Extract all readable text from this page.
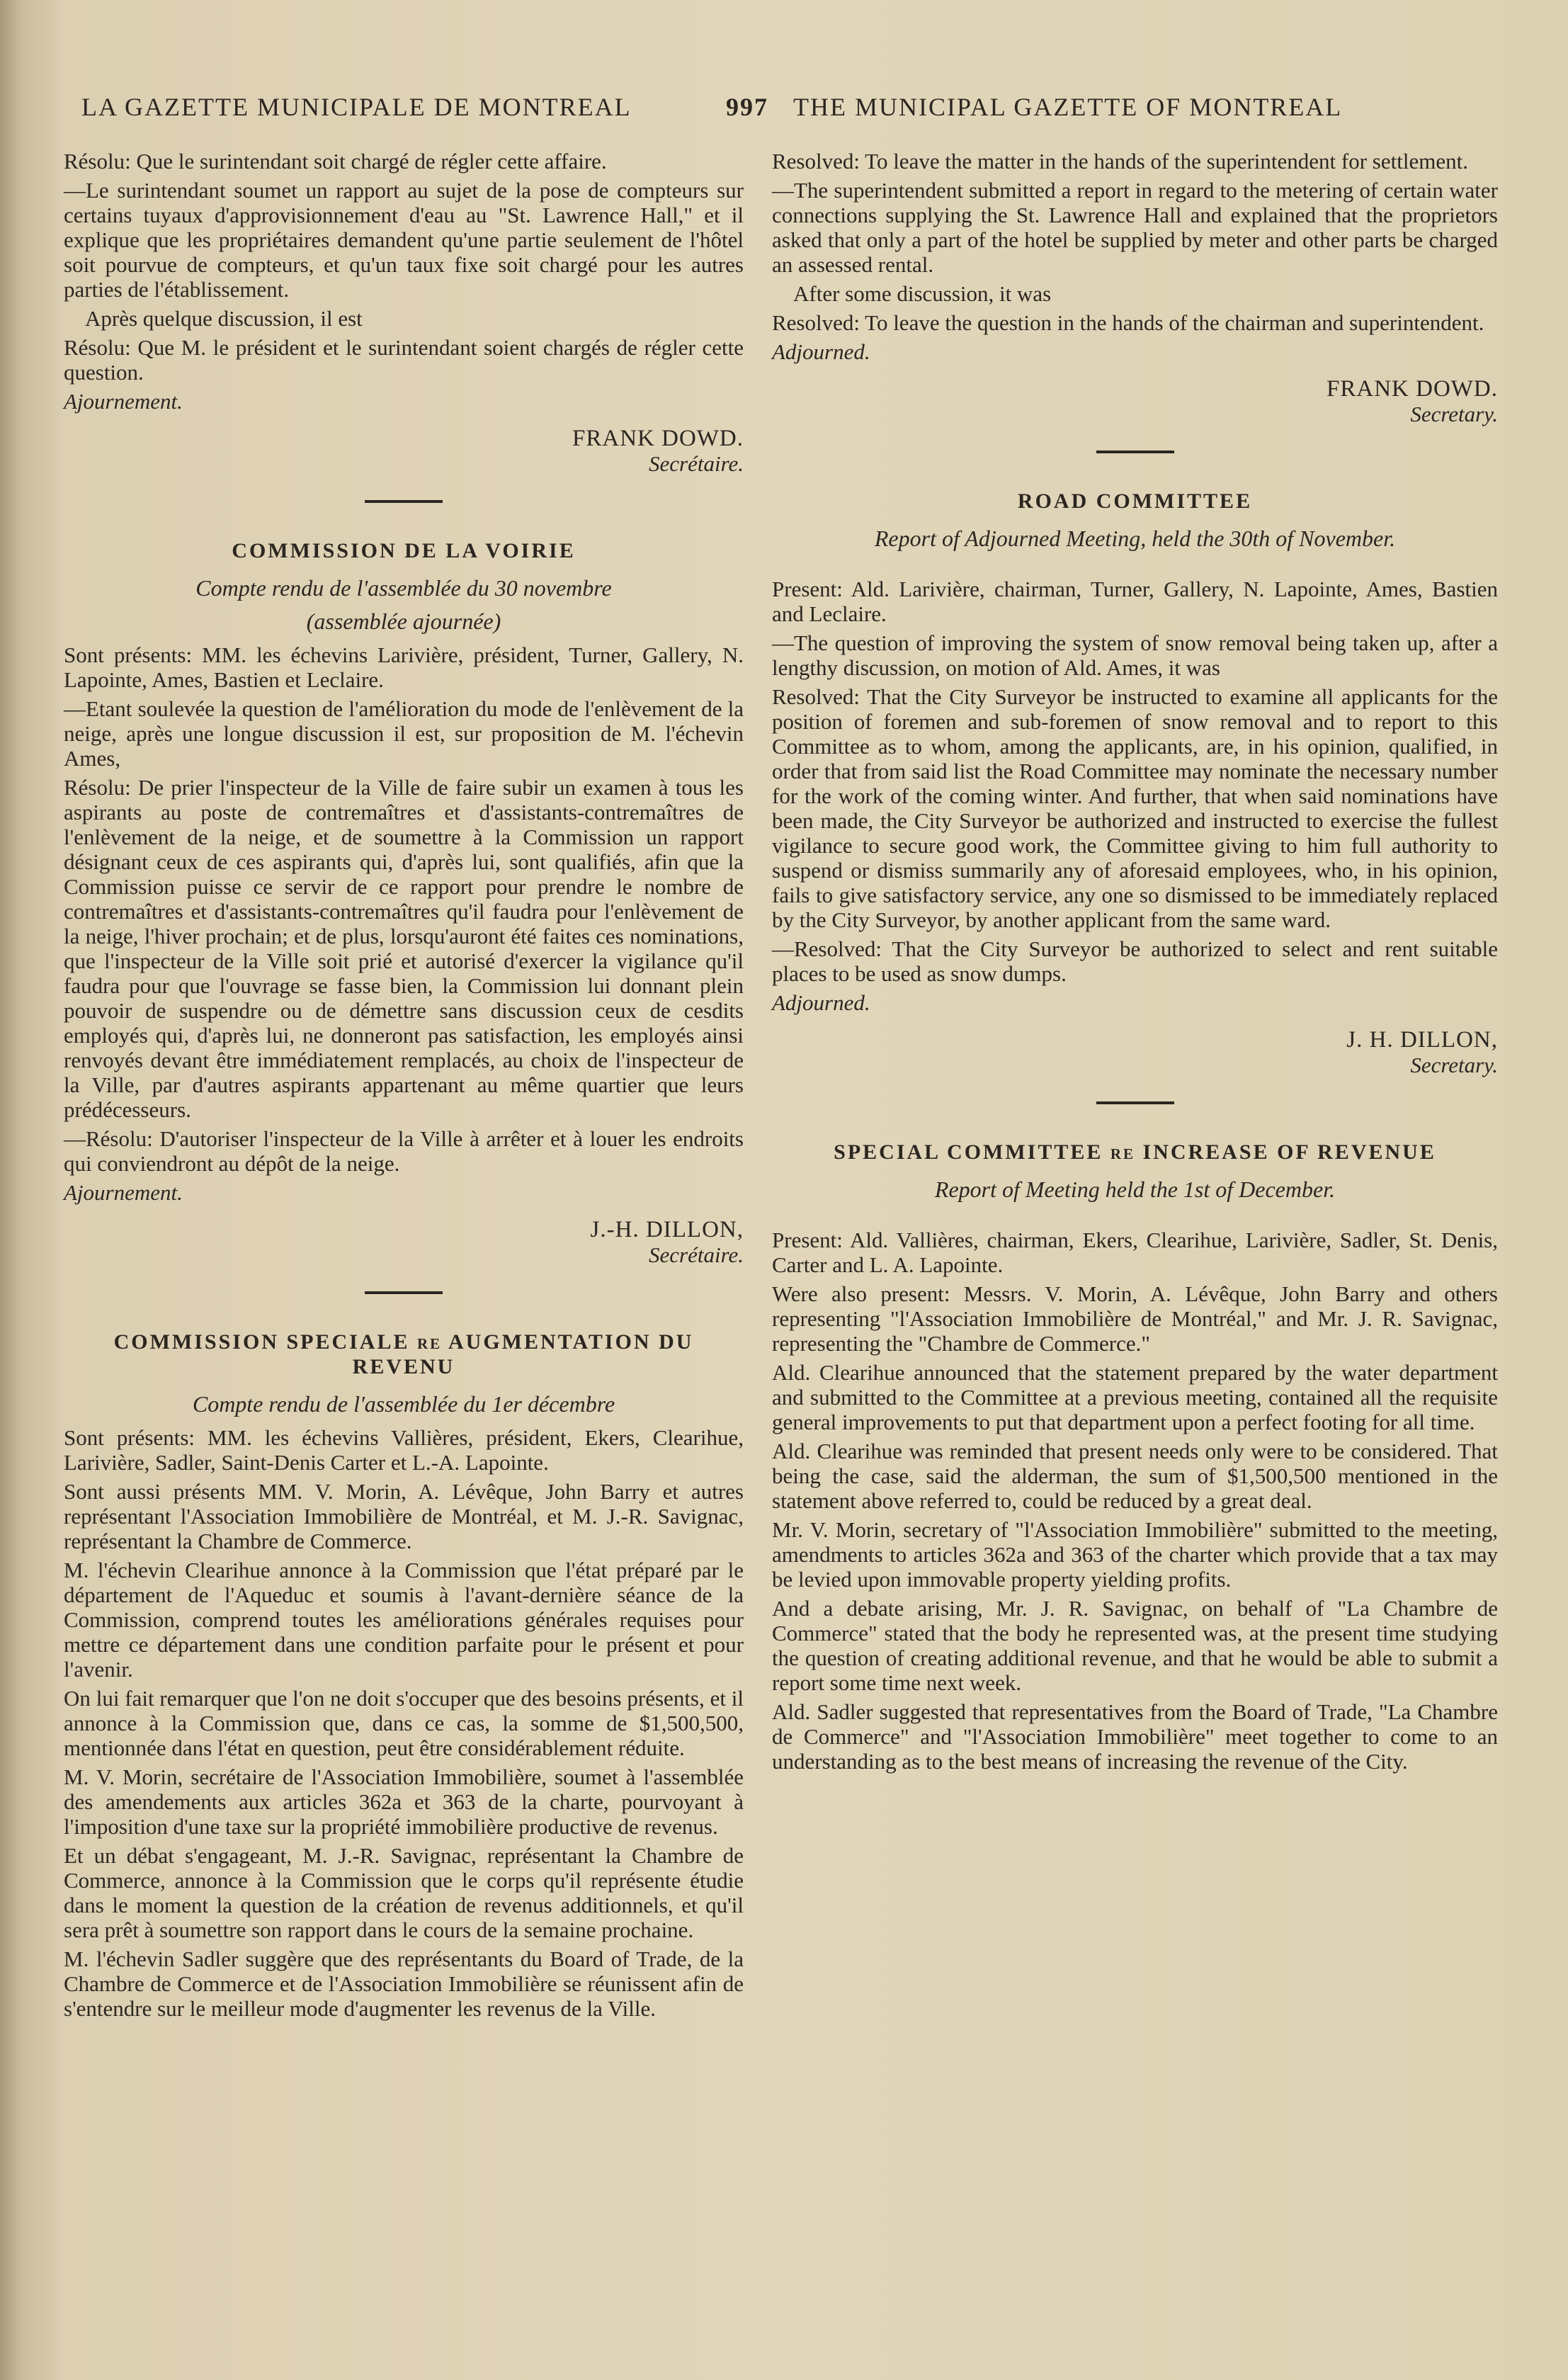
LA GAZETTE MUNICIPALE DE MONTREAL	997 THE MUNICIPAL GAZETTE OF MONTREAL

Résolu: Que le surintendant soit chargé de régler cette affaire.

—Le surintendant soumet un rapport au sujet de la pose de compteurs sur certains tuyaux d'approvisionnement d'eau au "St. Lawrence Hall," et il explique que les propriétaires demandent qu'une partie seulement de l'hôtel soit pourvue de compteurs, et qu'un taux fixe soit chargé pour les autres parties de l'établissement.

Après quelque discussion, il est

Résolu: Que M. le président et le surintendant soient chargés de régler cette question.

Ajournement.

FRANK DOWD.
Secrétaire.
COMMISSION DE LA VOIRIE
Compte rendu de l'assemblée du 30 novembre
(assemblée ajournée)

Sont présents: MM. les échevins Larivière, président, Turner, Gallery, N. Lapointe, Ames, Bastien et Leclaire.

—Etant soulevée la question de l'amélioration du mode de l'enlèvement de la neige, après une longue discussion il est, sur proposition de M. l'échevin Ames,

Résolu: De prier l'inspecteur de la Ville de faire subir un examen à tous les aspirants au poste de contremaîtres et d'assistants-contremaîtres de l'enlèvement de la neige, et de soumettre à la Commission un rapport désignant ceux de ces aspirants qui, d'après lui, sont qualifiés, afin que la Commission puisse ce servir de ce rapport pour prendre le nombre de contremaîtres et d'assistants-contremaîtres qu'il faudra pour l'enlèvement de la neige, l'hiver prochain; et de plus, lorsqu'auront été faites ces nominations, que l'inspecteur de la Ville soit prié et autorisé d'exercer la vigilance qu'il faudra pour que l'ouvrage se fasse bien, la Commission lui donnant plein pouvoir de suspendre ou de démettre sans discussion ceux de cesdits employés qui, d'après lui, ne donneront pas satisfaction, les employés ainsi renvoyés devant être immédiatement remplacés, au choix de l'inspecteur de la Ville, par d'autres aspirants appartenant au même quartier que leurs prédécesseurs.

—Résolu: D'autoriser l'inspecteur de la Ville à arrêter et à louer les endroits qui conviendront au dépôt de la neige.

Ajournement.

J.-H. DILLON,
Secrétaire.
COMMISSION SPECIALE re AUGMENTATION DU REVENU
Compte rendu de l'assemblée du 1er décembre

Sont présents: MM. les échevins Vallières, président, Ekers, Clearihue, Larivière, Sadler, Saint-Denis Carter et L.-A. Lapointe.

Sont aussi présents MM. V. Morin, A. Lévêque, John Barry et autres représentant l'Association Immobilière de Montréal, et M. J.-R. Savignac, représentant la Chambre de Commerce.

M. l'échevin Clearihue annonce à la Commission que l'état préparé par le département de l'Aqueduc et soumis à l'avant-dernière séance de la Commission, comprend toutes les améliorations générales requises pour mettre ce département dans une condition parfaite pour le présent et pour l'avenir.

On lui fait remarquer que l'on ne doit s'occuper que des besoins présents, et il annonce à la Commission que, dans ce cas, la somme de $1,500,500, mentionnée dans l'état en question, peut être considérablement réduite.

M. V. Morin, secrétaire de l'Association Immobilière, soumet à l'assemblée des amendements aux articles 362a et 363 de la charte, pourvoyant à l'imposition d'une taxe sur la propriété immobilière productive de revenus.

Et un débat s'engageant, M. J.-R. Savignac, représentant la Chambre de Commerce, annonce à la Commission que le corps qu'il représente étudie dans le moment la question de la création de revenus additionnels, et qu'il sera prêt à soumettre son rapport dans le cours de la semaine prochaine.

M. l'échevin Sadler suggère que des représentants du Board of Trade, de la Chambre de Commerce et de l'Association Immobilière se réunissent afin de s'entendre sur le meilleur mode d'augmenter les revenus de la Ville.

Resolved: To leave the matter in the hands of the superintendent for settlement.

—The superintendent submitted a report in regard to the metering of certain water connections supplying the St. Lawrence Hall and explained that the proprietors asked that only a part of the hotel be supplied by meter and other parts be charged an assessed rental.

After some discussion, it was

Resolved: To leave the question in the hands of the chairman and superintendent.

Adjourned.

FRANK DOWD.
Secretary.
ROAD COMMITTEE
Report of Adjourned Meeting, held the 30th of November.

Present: Ald. Larivière, chairman, Turner, Gallery, N. Lapointe, Ames, Bastien and Leclaire.

—The question of improving the system of snow removal being taken up, after a lengthy discussion, on motion of Ald. Ames, it was

Resolved: That the City Surveyor be instructed to examine all applicants for the position of foremen and sub-foremen of snow removal and to report to this Committee as to whom, among the applicants, are, in his opinion, qualified, in order that from said list the Road Committee may nominate the necessary number for the work of the coming winter. And further, that when said nominations have been made, the City Surveyor be authorized and instructed to exercise the fullest vigilance to secure good work, the Committee giving to him full authority to suspend or dismiss summarily any of aforesaid employees, who, in his opinion, fails to give satisfactory service, any one so dismissed to be immediately replaced by the City Surveyor, by another applicant from the same ward.

—Resolved: That the City Surveyor be authorized to select and rent suitable places to be used as snow dumps.

Adjourned.

J. H. DILLON,
Secretary.
SPECIAL COMMITTEE re INCREASE OF REVENUE
Report of Meeting held the 1st of December.

Present: Ald. Vallières, chairman, Ekers, Clearihue, Larivière, Sadler, St. Denis, Carter and L. A. Lapointe.

Were also present: Messrs. V. Morin, A. Lévêque, John Barry and others representing "l'Association Immobilière de Montréal," and Mr. J. R. Savignac, representing the "Chambre de Commerce."

Ald. Clearihue announced that the statement prepared by the water department and submitted to the Committee at a previous meeting, contained all the requisite general improvements to put that department upon a perfect footing for all time.

Ald. Clearihue was reminded that present needs only were to be considered. That being the case, said the alderman, the sum of $1,500,500 mentioned in the statement above referred to, could be reduced by a great deal.

Mr. V. Morin, secretary of "l'Association Immobilière" submitted to the meeting, amendments to articles 362a and 363 of the charter which provide that a tax may be levied upon immovable property yielding profits.

And a debate arising, Mr. J. R. Savignac, on behalf of "La Chambre de Commerce" stated that the body he represented was, at the present time studying the question of creating additional revenue, and that he would be able to submit a report some time next week.

Ald. Sadler suggested that representatives from the Board of Trade, "La Chambre de Commerce" and "l'Association Immobilière" meet together to come to an understanding as to the best means of increasing the revenue of the City.
